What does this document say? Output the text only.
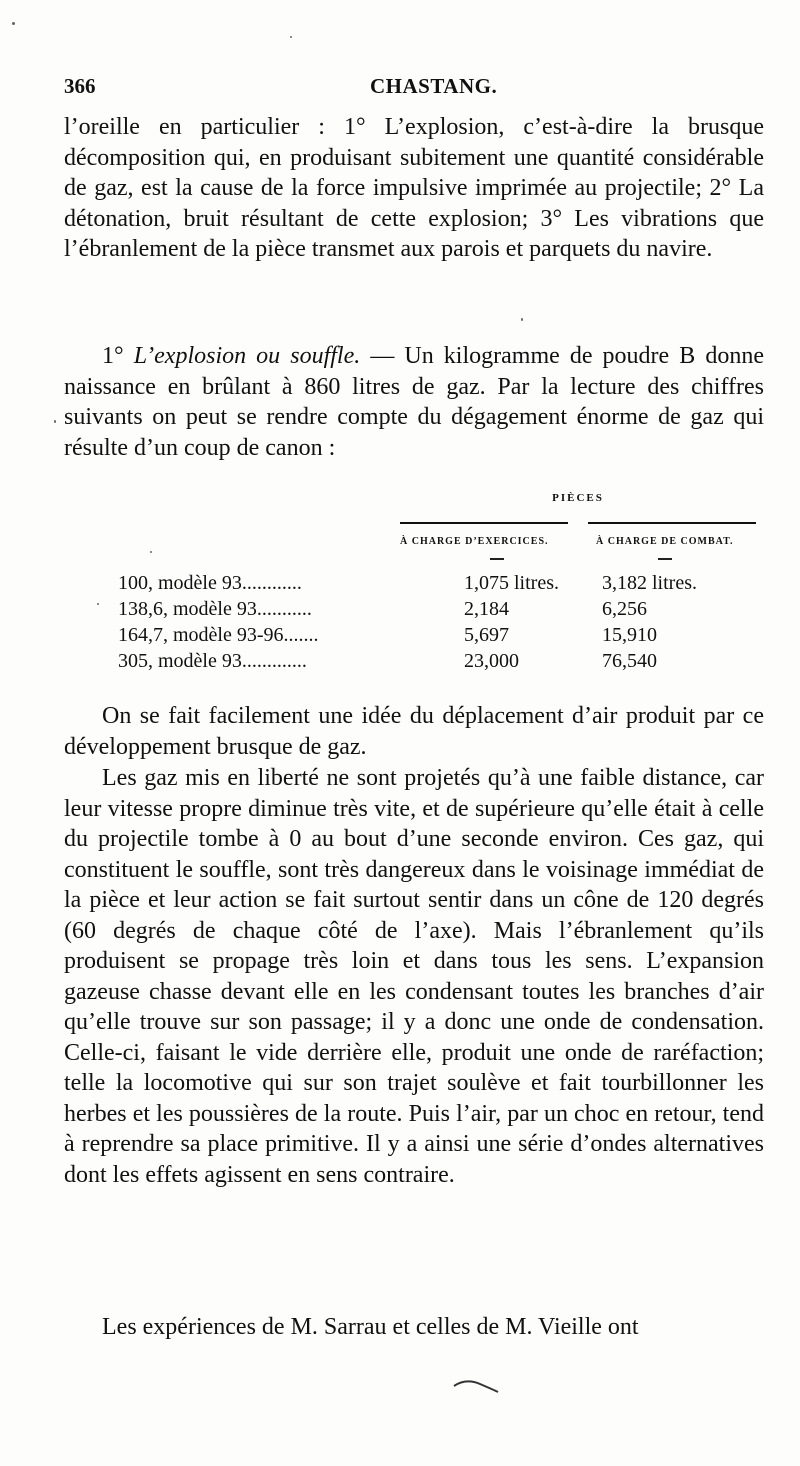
366	CHASTANG.

l’oreille en particulier : 1° L’explosion, c’est-à-dire la brusque décomposition qui, en produisant subitement une quantité considérable de gaz, est la cause de la force impulsive imprimée au projectile; 2° La détonation, bruit résultant de cette explosion; 3° Les vibrations que l’ébranlement de la pièce transmet aux parois et parquets du navire.

1° L’explosion ou souffle. — Un kilogramme de poudre B donne naissance en brûlant à 860 litres de gaz. Par la lecture des chiffres suivants on peut se rendre compte du dégagement énorme de gaz qui résulte d’un coup de canon :

PIÈCES
À CHARGE D’EXERCICES.	À CHARGE DE COMBAT.
100, modèle 93............	1,075 litres. 3,182 litres.
138,6, modèle 93...........	2,184	6,256
164,7, modèle 93-96.......	5,697	15,910
305, modèle 93.............	23,000	76,540

On se fait facilement une idée du déplacement d’air produit par ce développement brusque de gaz.

Les gaz mis en liberté ne sont projetés qu’à une faible distance, car leur vitesse propre diminue très vite, et de supérieure qu’elle était à celle du projectile tombe à 0 au bout d’une seconde environ. Ces gaz, qui constituent le souffle, sont très dangereux dans le voisinage immédiat de la pièce et leur action se fait surtout sentir dans un cône de 120 degrés (60 degrés de chaque côté de l’axe). Mais l’ébranlement qu’ils produisent se propage très loin et dans tous les sens. L’expansion gazeuse chasse devant elle en les condensant toutes les branches d’air qu’elle trouve sur son passage; il y a donc une onde de condensation. Celle-ci, faisant le vide derrière elle, produit une onde de raréfaction; telle la locomotive qui sur son trajet soulève et fait tourbillonner les herbes et les poussières de la route. Puis l’air, par un choc en retour, tend à reprendre sa place primitive. Il y a ainsi une série d’ondes alternatives dont les effets agissent en sens contraire.

Les expériences de M. Sarrau et celles de M. Vieille ont
